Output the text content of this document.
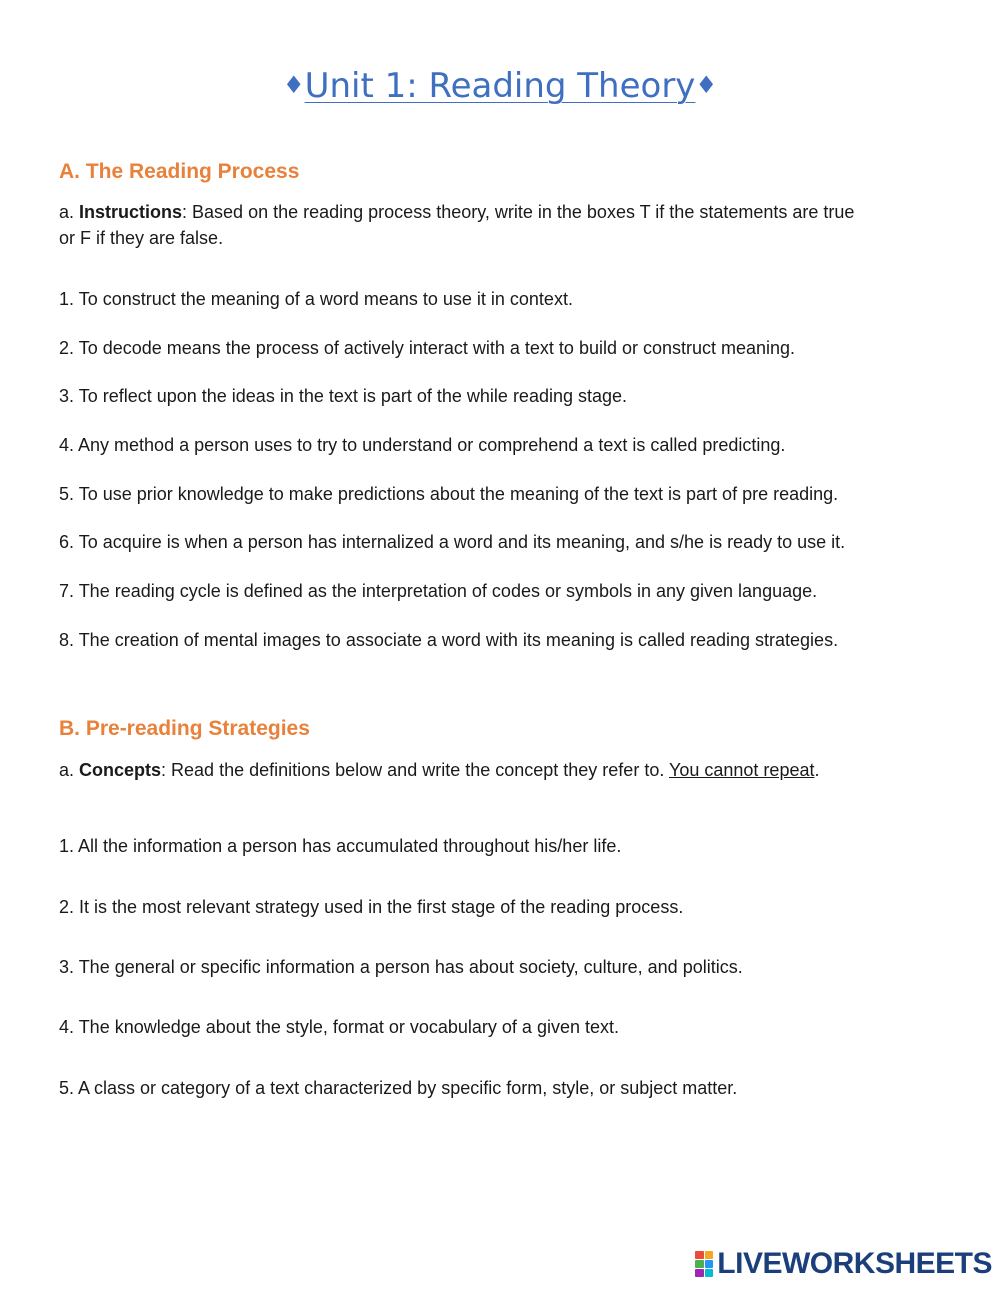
♦Unit 1: Reading Theory♦
A. The Reading Process
a. Instructions: Based on the reading process theory, write in the boxes T if the statements are true
or F if they are false.
1. To construct the meaning of a word means to use it in context.
2. To decode means the process of actively interact with a text to build or construct meaning.
3. To reflect upon the ideas in the text is part of the while reading stage.
4. Any method a person uses to try to understand or comprehend a text is called predicting.
5. To use prior knowledge to make predictions about the meaning of the text is part of pre reading.
6. To acquire is when a person has internalized a word and its meaning, and s/he is ready to use it.
7. The reading cycle is defined as the interpretation of codes or symbols in any given language.
8. The creation of mental images to associate a word with its meaning is called reading strategies.
B. Pre-reading Strategies
a. Concepts: Read the definitions below and write the concept they refer to. You cannot repeat.
1. All the information a person has accumulated throughout his/her life.
2. It is the most relevant strategy used in the first stage of the reading process.
3. The general or specific information a person has about society, culture, and politics.
4. The knowledge about the style, format or vocabulary of a given text.
5. A class or category of a text characterized by specific form, style, or subject matter.
LIVEWORKSHEETS
